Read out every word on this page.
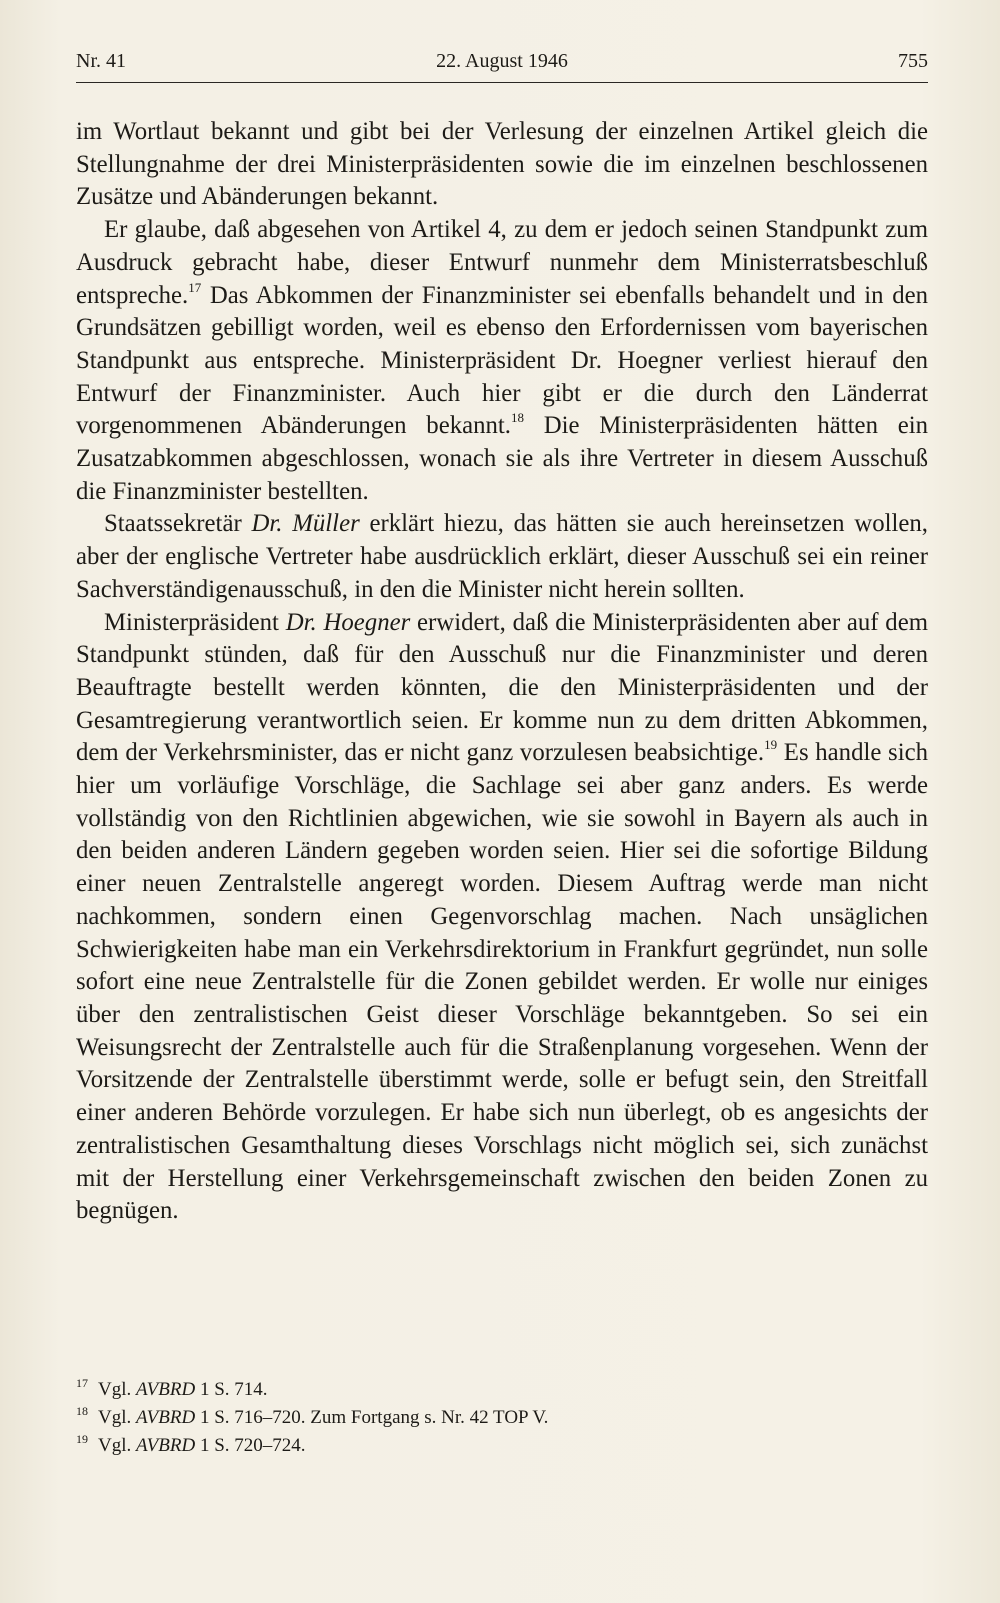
Nr. 41	22. August 1946	755

im Wortlaut bekannt und gibt bei der Verlesung der einzelnen Artikel gleich die Stellungnahme der drei Ministerpräsidenten sowie die im einzelnen beschlossenen Zusätze und Abänderungen bekannt.

Er glaube, daß abgesehen von Artikel 4, zu dem er jedoch seinen Standpunkt zum Ausdruck gebracht habe, dieser Entwurf nunmehr dem Ministerratsbeschluß entspreche.$^{17}$ Das Abkommen der Finanzminister sei ebenfalls behandelt und in den Grundsätzen gebilligt worden, weil es ebenso den Erfordernissen vom bayerischen Standpunkt aus entspreche. Ministerpräsident Dr. Hoegner verliest hierauf den Entwurf der Finanzminister. Auch hier gibt er die durch den Länderrat vorgenommenen Abänderungen bekannt.$^{18}$ Die Ministerpräsidenten hätten ein Zusatzabkommen abgeschlossen, wonach sie als ihre Vertreter in diesem Ausschuß die Finanzminister bestellten.

Staatssekretär Dr. Müller erklärt hiezu, das hätten sie auch hereinsetzen wollen, aber der englische Vertreter habe ausdrücklich erklärt, dieser Ausschuß sei ein reiner Sachverständigenausschuß, in den die Minister nicht herein sollten.

Ministerpräsident Dr. Hoegner erwidert, daß die Ministerpräsidenten aber auf dem Standpunkt stünden, daß für den Ausschuß nur die Finanzminister und deren Beauftragte bestellt werden könnten, die den Ministerpräsidenten und der Gesamtregierung verantwortlich seien. Er komme nun zu dem dritten Abkommen, dem der Verkehrsminister, das er nicht ganz vorzulesen beabsichtige.$^{19}$ Es handle sich hier um vorläufige Vorschläge, die Sachlage sei aber ganz anders. Es werde vollständig von den Richtlinien abgewichen, wie sie sowohl in Bayern als auch in den beiden anderen Ländern gegeben worden seien. Hier sei die sofortige Bildung einer neuen Zentralstelle angeregt worden. Diesem Auftrag werde man nicht nachkommen, sondern einen Gegenvorschlag machen. Nach unsäglichen Schwierigkeiten habe man ein Verkehrsdirektorium in Frankfurt gegründet, nun solle sofort eine neue Zentralstelle für die Zonen gebildet werden. Er wolle nur einiges über den zentralistischen Geist dieser Vorschläge bekanntgeben. So sei ein Weisungsrecht der Zentralstelle auch für die Straßenplanung vorgesehen. Wenn der Vorsitzende der Zentralstelle überstimmt werde, solle er befugt sein, den Streitfall einer anderen Behörde vorzulegen. Er habe sich nun überlegt, ob es angesichts der zentralistischen Gesamthaltung dieses Vorschlags nicht möglich sei, sich zunächst mit der Herstellung einer Verkehrsgemeinschaft zwischen den beiden Zonen zu begnügen.

17 Vgl. AVBRD 1 S. 714.
18 Vgl. AVBRD 1 S. 716–720. Zum Fortgang s. Nr. 42 TOP V.
19 Vgl. AVBRD 1 S. 720–724.
